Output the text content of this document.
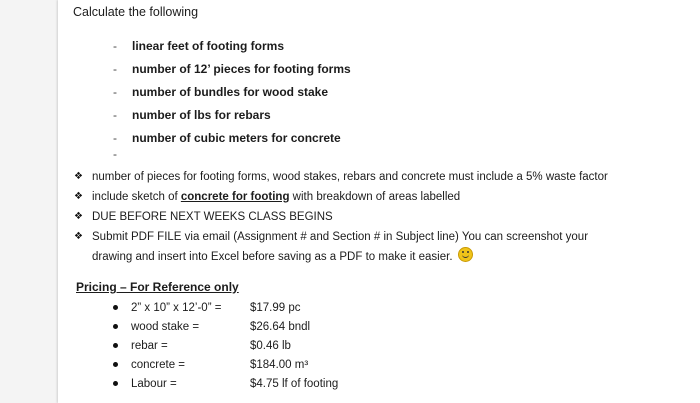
Calculate the following
-	linear feet of footing forms
-	number of 12’ pieces for footing forms
-	number of bundles for wood stake
-	number of lbs for rebars
-	number of cubic meters for concrete
-
❖ number of pieces for footing forms, wood stakes, rebars and concrete must include a 5% waste factor
❖ include sketch of concrete for footing with breakdown of areas labelled
❖ DUE BEFORE NEXT WEEKS CLASS BEGINS
❖ Submit PDF FILE via email (Assignment # and Section # in Subject line) You can screenshot your
drawing and insert into Excel before saving as a PDF to make it easier.
Pricing – For Reference only
2” x 10” x 12’-0” =	$17.99 pc
wood stake =	$26.64 bndl
rebar =	$0.46 lb
concrete =	$184.00 m³
Labour =	$4.75 lf of footing
